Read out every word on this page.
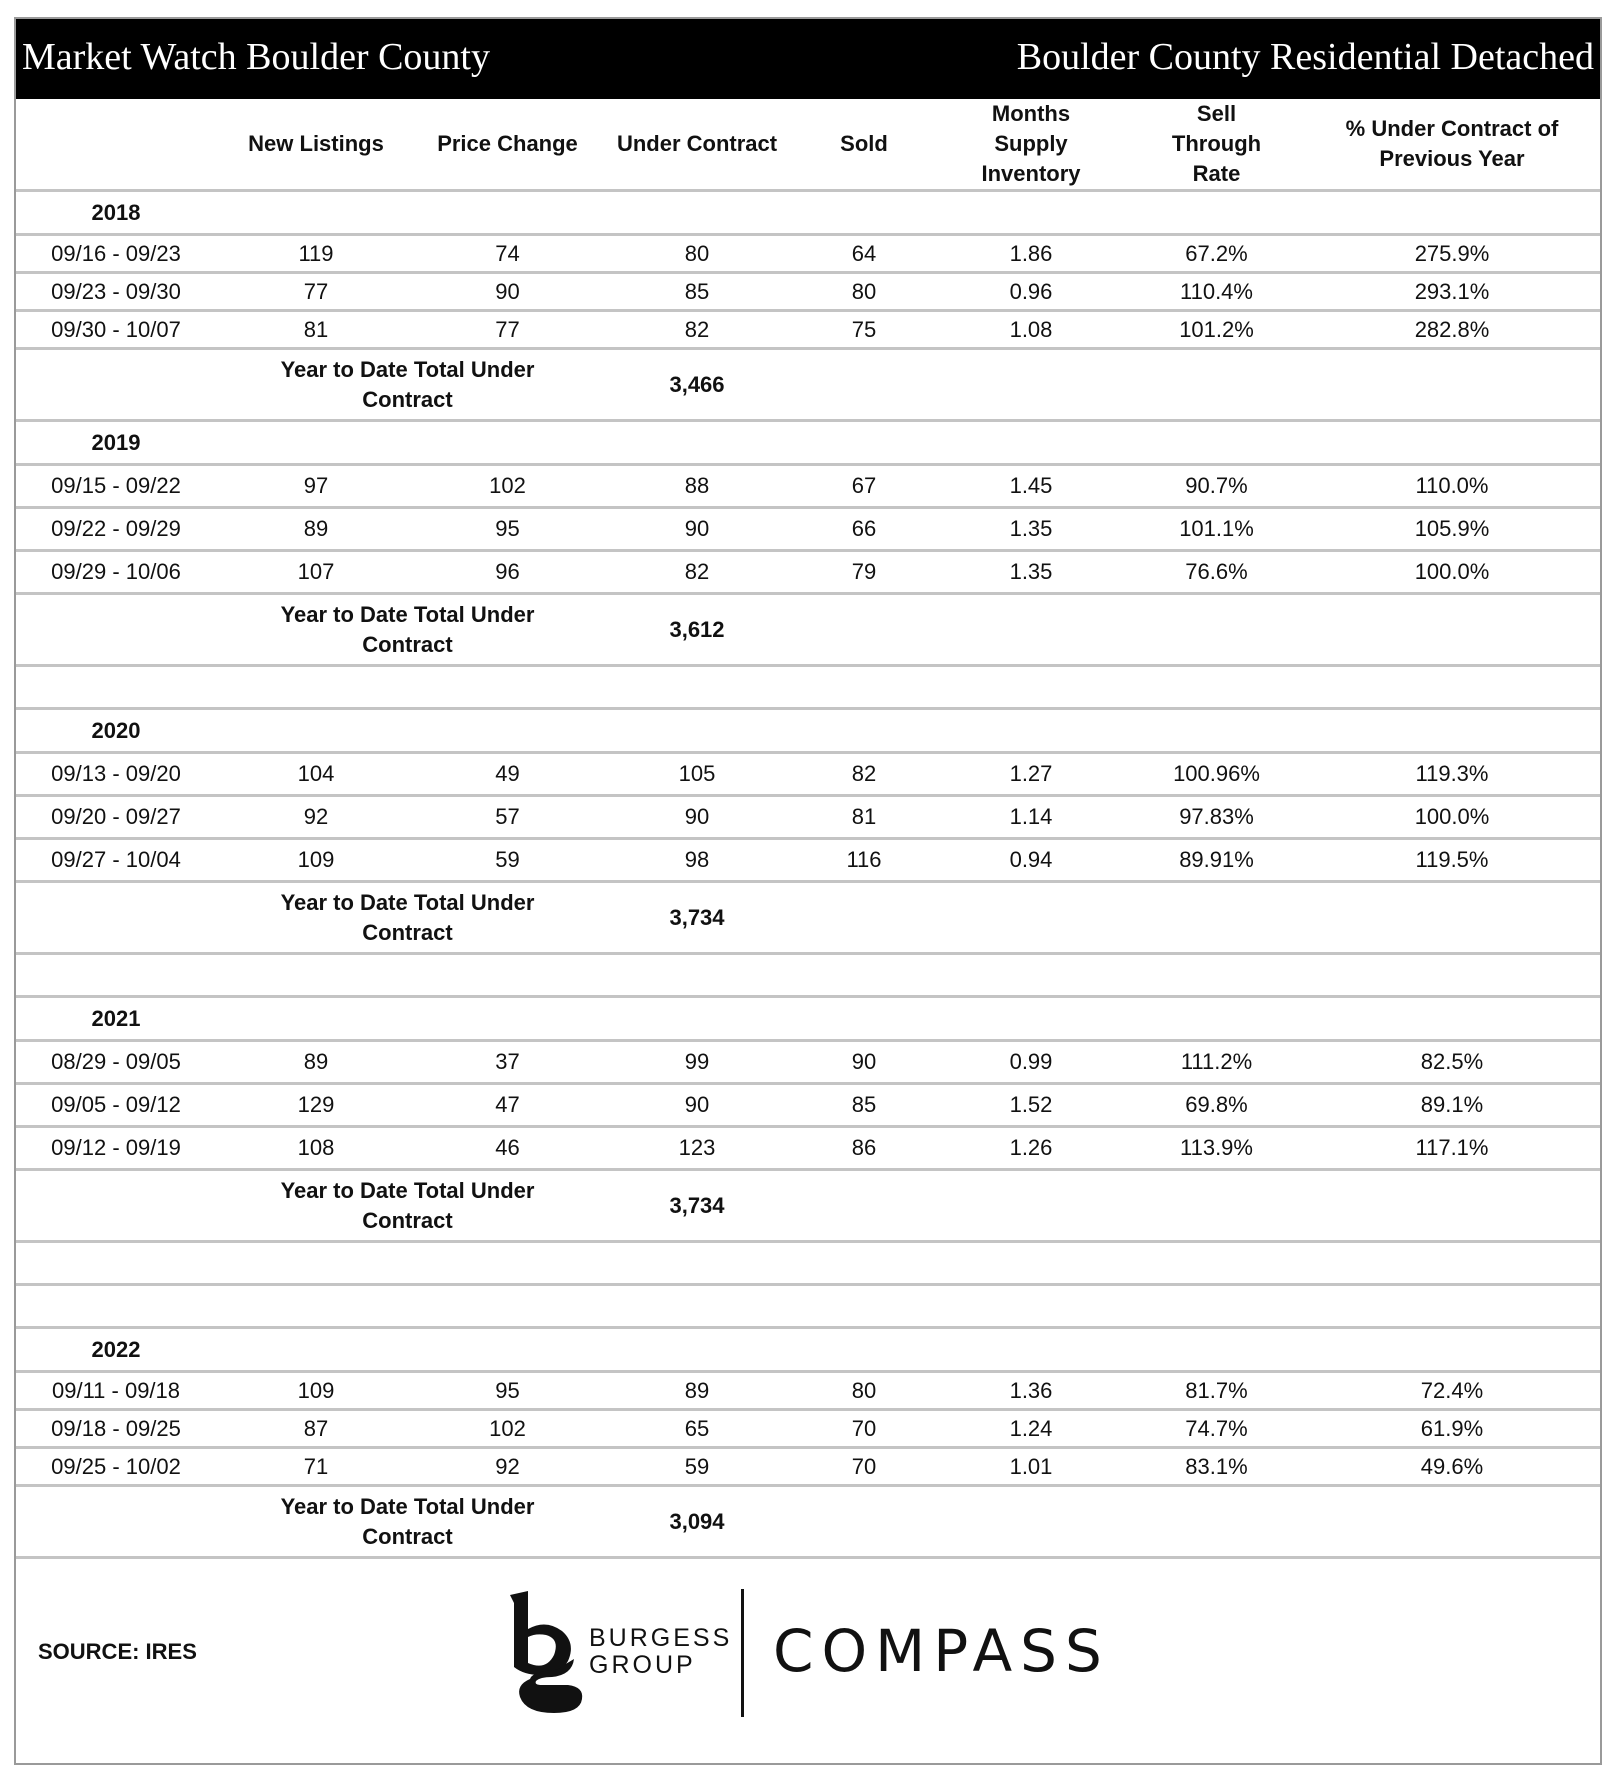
Market Watch Boulder County	Boulder County Residential Detached
	New Listings	Price Change	Under Contract	Sold	Months Supply Inventory	Sell Through Rate	% Under Contract of Previous Year
2018							
09/16 - 09/23	119	74	80	64	1.86	67.2%	275.9%
09/23 - 09/30	77	90	85	80	0.96	110.4%	293.1%
09/30 - 10/07	81	77	82	75	1.08	101.2%	282.8%
	Year to Date Total Under Contract		3,466				
2019							
09/15 - 09/22	97	102	88	67	1.45	90.7%	110.0%
09/22 - 09/29	89	95	90	66	1.35	101.1%	105.9%
09/29 - 10/06	107	96	82	79	1.35	76.6%	100.0%
	Year to Date Total Under Contract		3,612				

2020							
09/13 - 09/20	104	49	105	82	1.27	100.96%	119.3%
09/20 - 09/27	92	57	90	81	1.14	97.83%	100.0%
09/27 - 10/04	109	59	98	116	0.94	89.91%	119.5%
	Year to Date Total Under Contract		3,734				

2021							
08/29 - 09/05	89	37	99	90	0.99	111.2%	82.5%
09/05 - 09/12	129	47	90	85	1.52	69.8%	89.1%
09/12 - 09/19	108	46	123	86	1.26	113.9%	117.1%
	Year to Date Total Under Contract		3,734				

2022							
09/11 - 09/18	109	95	89	80	1.36	81.7%	72.4%
09/18 - 09/25	87	102	65	70	1.24	74.7%	61.9%
09/25 - 10/02	71	92	59	70	1.01	83.1%	49.6%
	Year to Date Total Under Contract		3,094				

SOURCE: IRES BURGESS
GROUP COMPASS							
